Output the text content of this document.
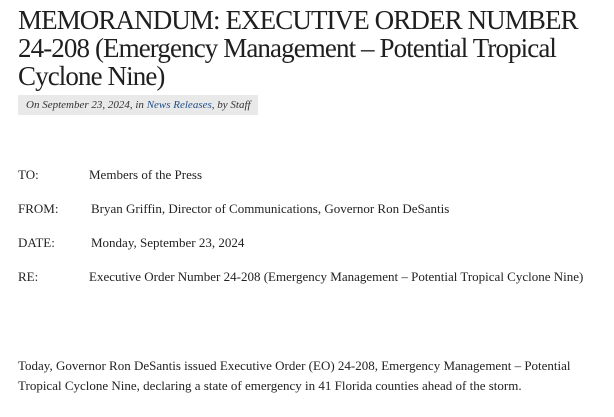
MEMORANDUM: EXECUTIVE ORDER NUMBER 24-208 (Emergency Management – Potential Tropical Cyclone Nine)
On September 23, 2024, in News Releases, by Staff
TO:	Members of the Press
FROM:	Bryan Griffin, Director of Communications, Governor Ron DeSantis
DATE:	Monday, September 23, 2024
RE:	Executive Order Number 24-208 (Emergency Management – Potential Tropical Cyclone Nine)

Today, Governor Ron DeSantis issued Executive Order (EO) 24-208, Emergency Management – Potential Tropical Cyclone Nine, declaring a state of emergency in 41 Florida counties ahead of the storm.
